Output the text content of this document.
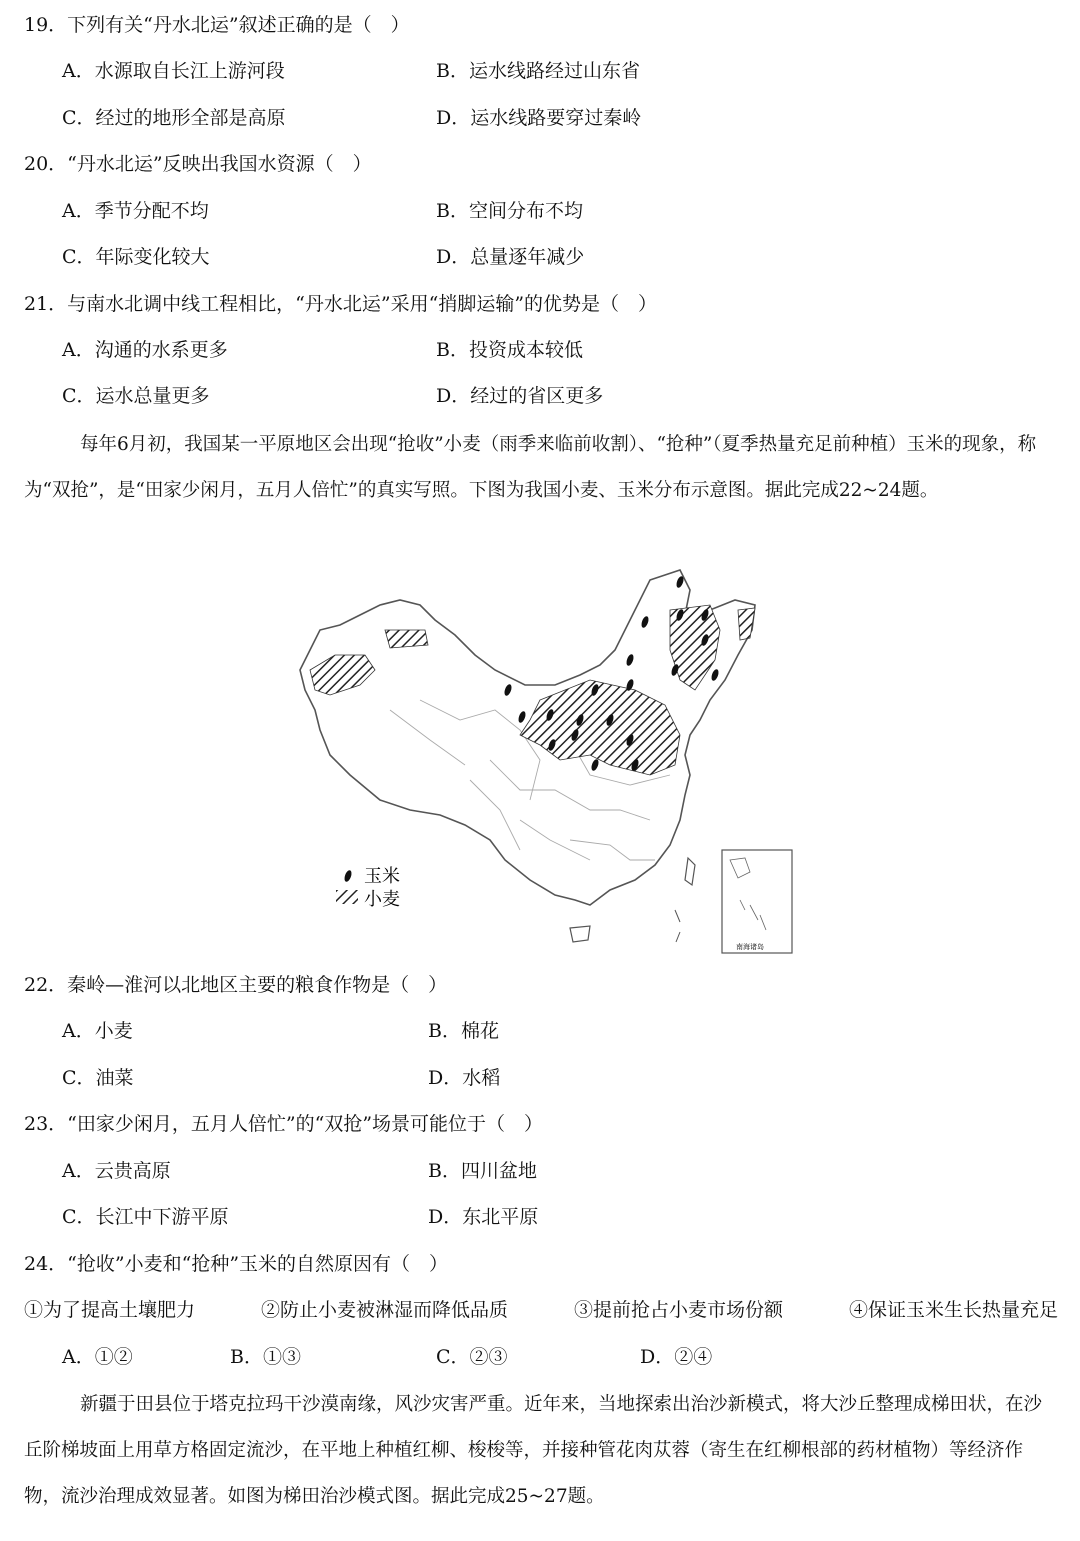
19．下列有关“丹水北运”叙述正确的是（　）
A．水源取自长江上游河段	B．运水线路经过山东省
C．经过的地形全部是高原	D．运水线路要穿过秦岭
20．“丹水北运”反映出我国水资源（　）
A．季节分配不均	B．空间分布不均
C．年际变化较大	D．总量逐年减少
21．与南水北调中线工程相比，“丹水北运”采用“捎脚运输”的优势是（　）
A．沟通的水系更多	B．投资成本较低
C．运水总量更多	D．经过的省区更多
每年6月初，我国某一平原地区会出现“抢收”小麦（雨季来临前收割）、“抢种”（夏季热量充足前种植）玉米的现象，称为“双抢”，是“田家少闲月，五月人倍忙”的真实写照。下图为我国小麦、玉米分布示意图。据此完成22~24题。
玉米
小麦
南海诸岛
22．秦岭—淮河以北地区主要的粮食作物是（　）
A．小麦	B．棉花
C．油菜	D．水稻
23．“田家少闲月，五月人倍忙”的“双抢”场景可能位于（　）
A．云贵高原	B．四川盆地
C．长江中下游平原	D．东北平原
24．“抢收”小麦和“抢种”玉米的自然原因有（　）
①为了提高土壤肥力	②防止小麦被淋湿而降低品质	③提前抢占小麦市场份额	④保证玉米生长热量充足
A．①②	B．①③	C．②③	D．②④
新疆于田县位于塔克拉玛干沙漠南缘，风沙灾害严重。近年来，当地探索出治沙新模式，将大沙丘整理成梯田状，在沙丘阶梯坡面上用草方格固定流沙，在平地上种植红柳、梭梭等，并接种管花肉苁蓉（寄生在红柳根部的药材植物）等经济作物，流沙治理成效显著。如图为梯田治沙模式图。据此完成25~27题。
